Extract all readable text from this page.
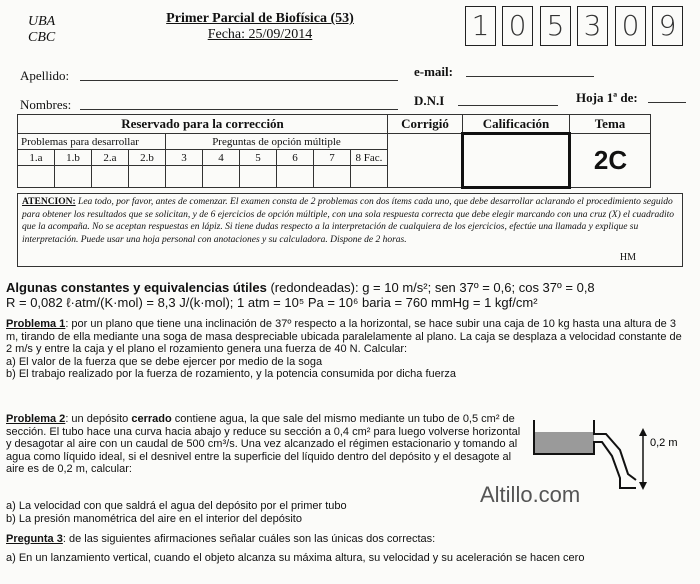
UBA
CBC
Primer Parcial de Biofísica (53)
Fecha: 25/09/2014	1 0 5 3 0 9
Apellido:	e-mail:
Nombres:	D.N.I	Hoja 1ª de:
Reservado para la corrección										Corrigió	Calificación	Tema
Problemas para desarrollar				Preguntas de opción múltiple								2C
1.a	1.b	2.a	2.b	3	4	5	6	7	8 Fac.			

ATENCION: Lea todo, por favor, antes de comenzar. El examen consta de 2 problemas con dos ítems cada uno, que debe desarrollar aclarando el procedimiento seguido para obtener los resultados que se solicitan, y de 6 ejercicios de opción múltiple, con una sola respuesta correcta que debe elegir marcando con una cruz (X) el cuadradito que la acompaña. No se aceptan respuestas en lápiz. Si tiene dudas respecto a la interpretación de cualquiera de los ejercicios, efectúe una llamada y explique su interpretación. Puede usar una hoja personal con anotaciones y su calculadora. Dispone de 2 horas.
HM
Algunas constantes y equivalencias útiles (redondeadas): g = 10 m/s²; sen 37º = 0,6; cos 37º = 0,8
R = 0,082 ℓ·atm/(K·mol) = 8,3 J/(k·mol); 1 atm = 10⁵ Pa = 10⁶ baria = 760 mmHg = 1 kgf/cm²
Problema 1: por un plano que tiene una inclinación de 37º respecto a la horizontal, se hace subir una caja de 10 kg hasta una altura de 3 m, tirando de ella mediante una soga de masa despreciable ubicada paralelamente al plano. La caja se desplaza a velocidad constante de 2 m/s y entre la caja y el plano el rozamiento genera una fuerza de 40 N. Calcular:
a) El valor de la fuerza que se debe ejercer por medio de la soga
b) El trabajo realizado por la fuerza de rozamiento, y la potencia consumida por dicha fuerza
Problema 2: un depósito cerrado contiene agua, la que sale del mismo mediante un tubo de 0,5 cm² de sección. El tubo hace una curva hacia abajo y reduce su sección a 0,4 cm² para luego volverse horizontal y desagotar al aire con un caudal de 500 cm³/s. Una vez alcanzado el régimen estacionario y tomando al agua como líquido ideal, si el desnivel entre la superficie del líquido dentro del depósito y el desagote al aire es de 0,2 m, calcular:
a) La velocidad con que saldrá el agua del depósito por el primer tubo
b) La presión manométrica del aire en el interior del depósito
0,2 m
Altillo.com
Pregunta 3: de las siguientes afirmaciones señalar cuáles son las únicas dos correctas:
a) En un lanzamiento vertical, cuando el objeto alcanza su máxima altura, su velocidad y su aceleración se hacen cero
